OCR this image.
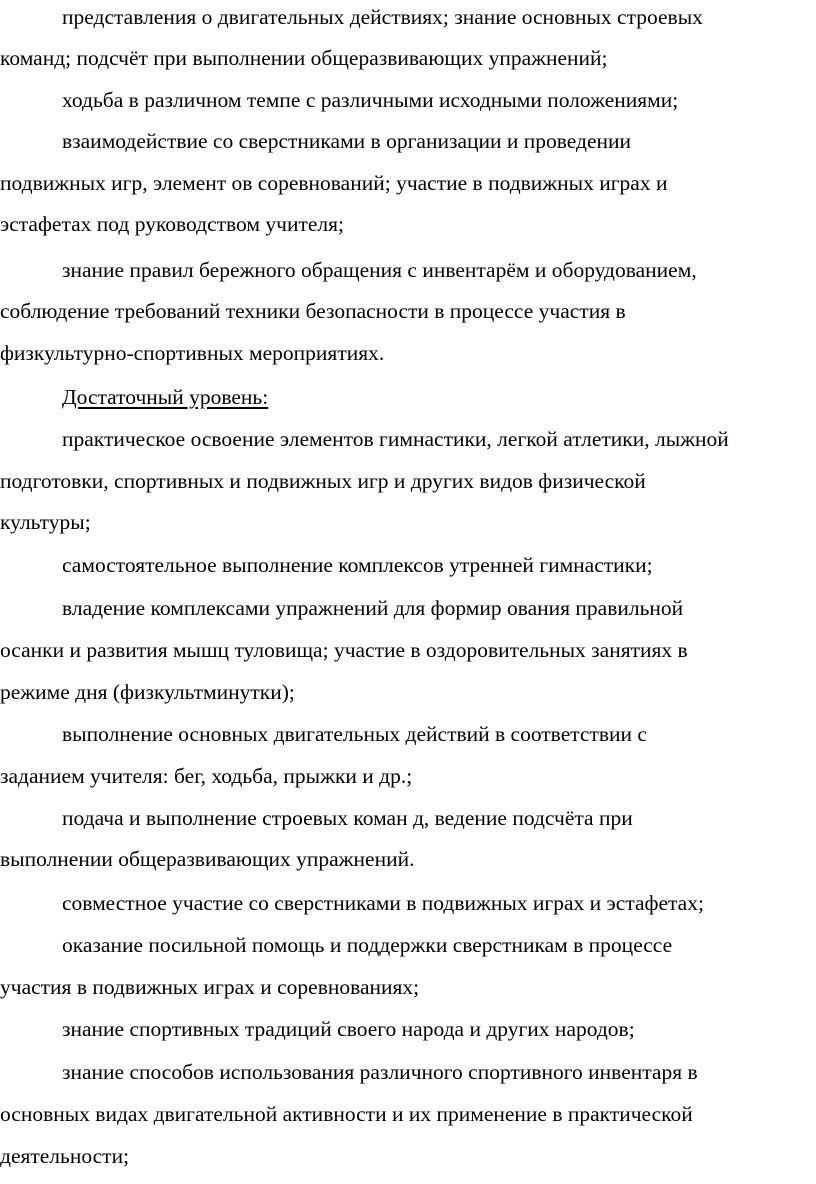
представления о двигательных действиях; знание основных строевых
команд; подсчёт при выполнении общеразвивающих упражнений;
ходьба в различном темпе с различными исходными положениями;
взаимодействие со сверстниками в организации и проведении
подвижных игр, элемент ов соревнований; участие в подвижных играх и
эстафетах под руководством учителя;
знание правил бережного обращения с инвентарём и оборудованием,
соблюдение требований техники безопасности в процессе участия в
физкультурно-спортивных мероприятиях.
Достаточный уровень:
практическое освоение элементов гимнастики, легкой атлетики, лыжной
подготовки, спортивных и подвижных игр и других видов физической
культуры;
самостоятельное выполнение комплексов утренней гимнастики;
владение комплексами упражнений для формир ования правильной
осанки и развития мышц туловища; участие в оздоровительных занятиях в
режиме дня (физкультминутки);
выполнение основных двигательных действий в соответствии с
заданием учителя: бег, ходьба, прыжки и др.;
подача и выполнение строевых коман д, ведение подсчёта при
выполнении общеразвивающих упражнений.
совместное участие со сверстниками в подвижных играх и эстафетах;
оказание посильной помощь и поддержки сверстникам в процессе
участия в подвижных играх и соревнованиях;
знание спортивных традиций своего народа и других народов;
знание способов использования различного спортивного инвентаря в
основных видах двигательной активности и их применение в практической
деятельности;
